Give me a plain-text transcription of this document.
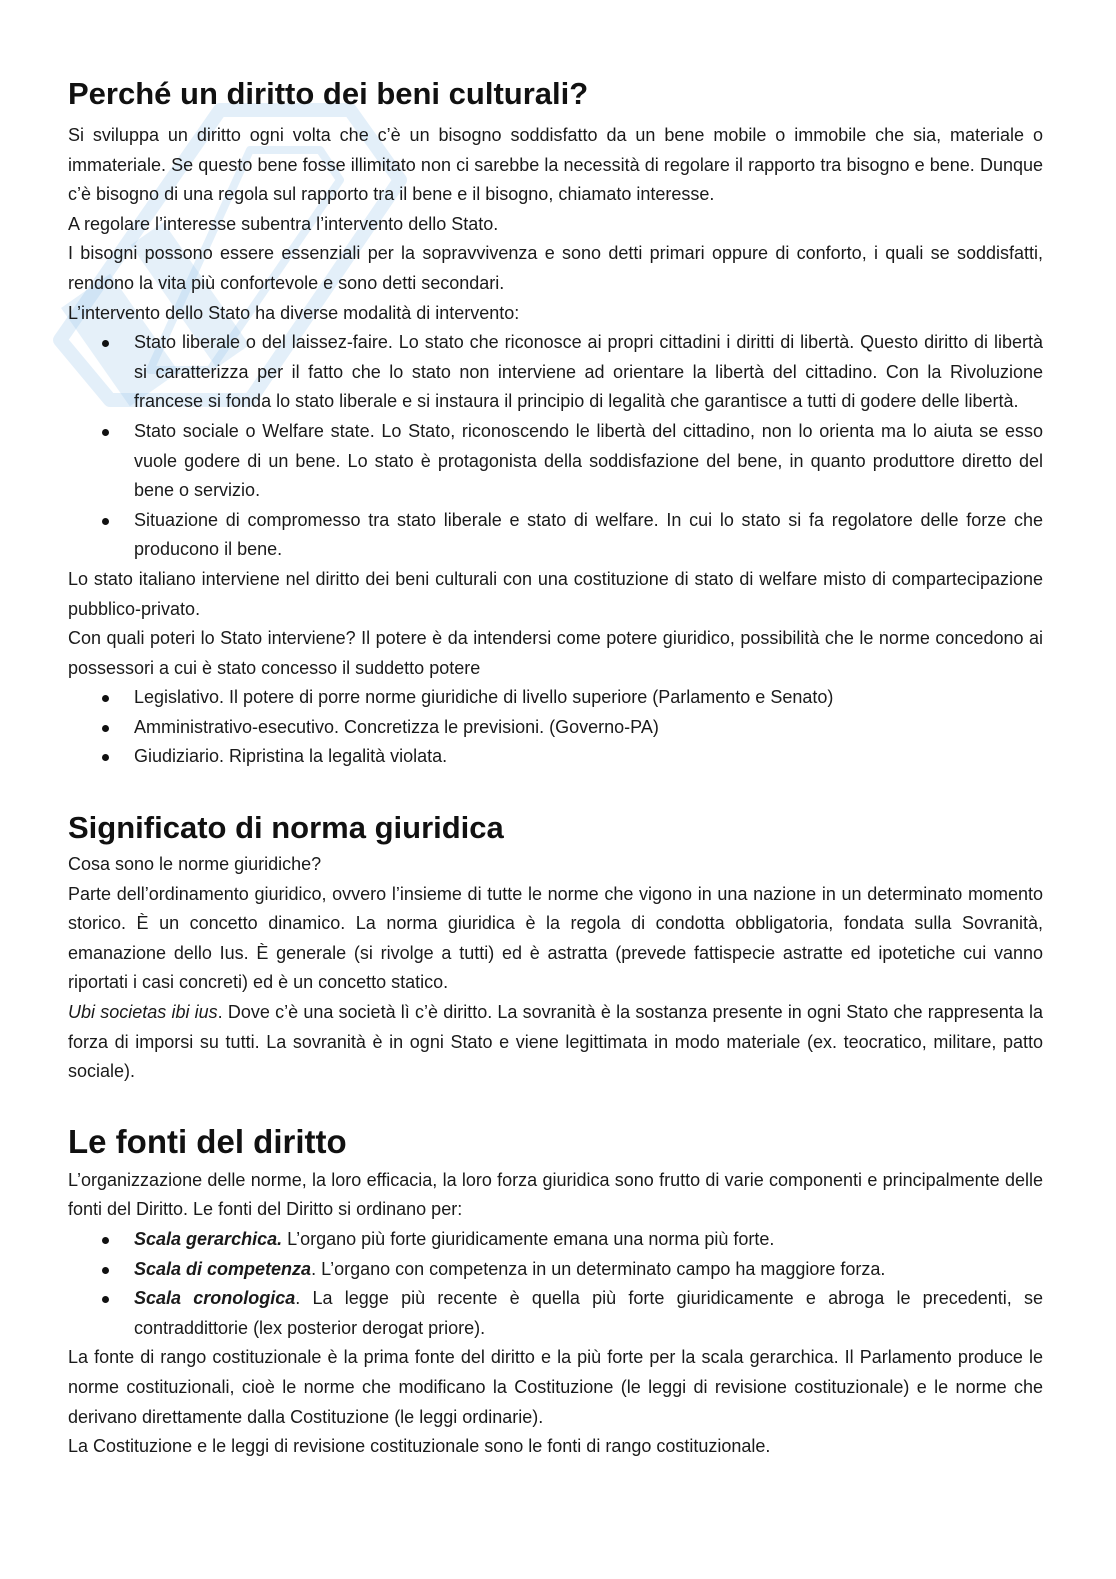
Perché un diritto dei beni culturali?

Si sviluppa un diritto ogni volta che c’è un bisogno soddisfatto da un bene mobile o immobile che sia, materiale o immateriale. Se questo bene fosse illimitato non ci sarebbe la necessità di regolare il rapporto tra bisogno e bene. Dunque c’è bisogno di una regola sul rapporto tra il bene e il bisogno, chiamato interesse.

A regolare l’interesse subentra l’intervento dello Stato.

I bisogni possono essere essenziali per la sopravvivenza e sono detti primari oppure di conforto, i quali se soddisfatti, rendono la vita più confortevole e sono detti secondari.

L’intervento dello Stato ha diverse modalità di intervento:

Stato liberale o del laissez-faire. Lo stato che riconosce ai propri cittadini i diritti di libertà. Questo diritto di libertà si caratterizza per il fatto che lo stato non interviene ad orientare la libertà del cittadino. Con la Rivoluzione francese si fonda lo stato liberale e si instaura il principio di legalità che garantisce a tutti di godere delle libertà.
Stato sociale o Welfare state. Lo Stato, riconoscendo le libertà del cittadino, non lo orienta ma lo aiuta se esso vuole godere di un bene. Lo stato è protagonista della soddisfazione del bene, in quanto produttore diretto del bene o servizio.
Situazione di compromesso tra stato liberale e stato di welfare. In cui lo stato si fa regolatore delle forze che producono il bene.

Lo stato italiano interviene nel diritto dei beni culturali con una costituzione di stato di welfare misto di compartecipazione pubblico-privato.

Con quali poteri lo Stato interviene? Il potere è da intendersi come potere giuridico, possibilità che le norme concedono ai possessori a cui è stato concesso il suddetto potere

Legislativo. Il potere di porre norme giuridiche di livello superiore (Parlamento e Senato)
Amministrativo-esecutivo. Concretizza le previsioni. (Governo-PA)
Giudiziario. Ripristina la legalità violata.
Significato di norma giuridica

Cosa sono le norme giuridiche?

Parte dell’ordinamento giuridico, ovvero l’insieme di tutte le norme che vigono in una nazione in un determinato momento storico. È un concetto dinamico. La norma giuridica è la regola di condotta obbligatoria, fondata sulla Sovranità, emanazione dello Ius. È generale (si rivolge a tutti) ed è astratta (prevede fattispecie astratte ed ipotetiche cui vanno riportati i casi concreti) ed è un concetto statico.

Ubi societas ibi ius. Dove c’è una società lì c’è diritto. La sovranità è la sostanza presente in ogni Stato che rappresenta la forza di imporsi su tutti. La sovranità è in ogni Stato e viene legittimata in modo materiale (ex. teocratico, militare, patto sociale).

Le fonti del diritto

L’organizzazione delle norme, la loro efficacia, la loro forza giuridica sono frutto di varie componenti e principalmente delle fonti del Diritto. Le fonti del Diritto si ordinano per:

Scala gerarchica. L’organo più forte giuridicamente emana una norma più forte.
Scala di competenza. L’organo con competenza in un determinato campo ha maggiore forza.
Scala cronologica. La legge più recente è quella più forte giuridicamente e abroga le precedenti, se contraddittorie (lex posterior derogat priore).

La fonte di rango costituzionale è la prima fonte del diritto e la più forte per la scala gerarchica. Il Parlamento produce le norme costituzionali, cioè le norme che modificano la Costituzione (le leggi di revisione costituzionale) e le norme che derivano direttamente dalla Costituzione (le leggi ordinarie).

La Costituzione e le leggi di revisione costituzionale sono le fonti di rango costituzionale.
